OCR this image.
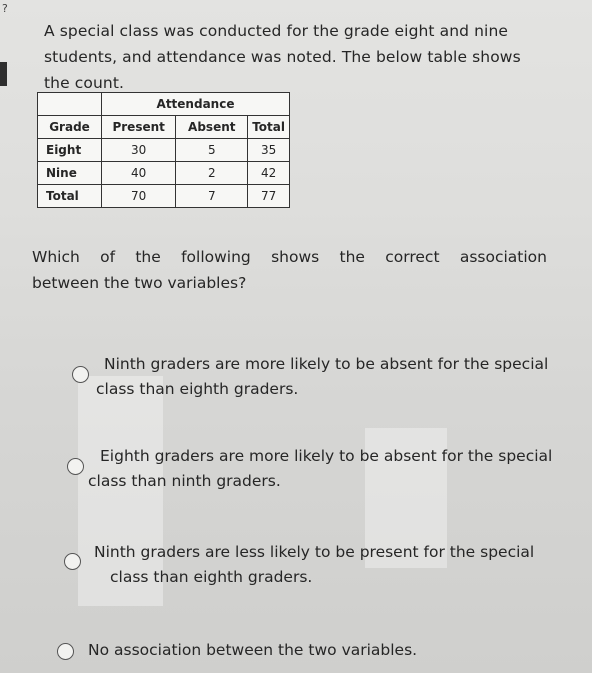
?
A special class was conducted for the grade eight and nine students, and attendance was noted. The below table shows the count.
	Attendance		
Grade	Present	Absent	Total
Eight	30	5	35
Nine	40	2	42
Total	70	7	77
Which of the following shows the correct association
between the two variables?
Ninth graders are more likely to be absent for the special
class than eighth graders.
Eighth graders are more likely to be absent for the special
class than ninth graders.
Ninth graders are less likely to be present for the special
class than eighth graders.
No association between the two variables.
